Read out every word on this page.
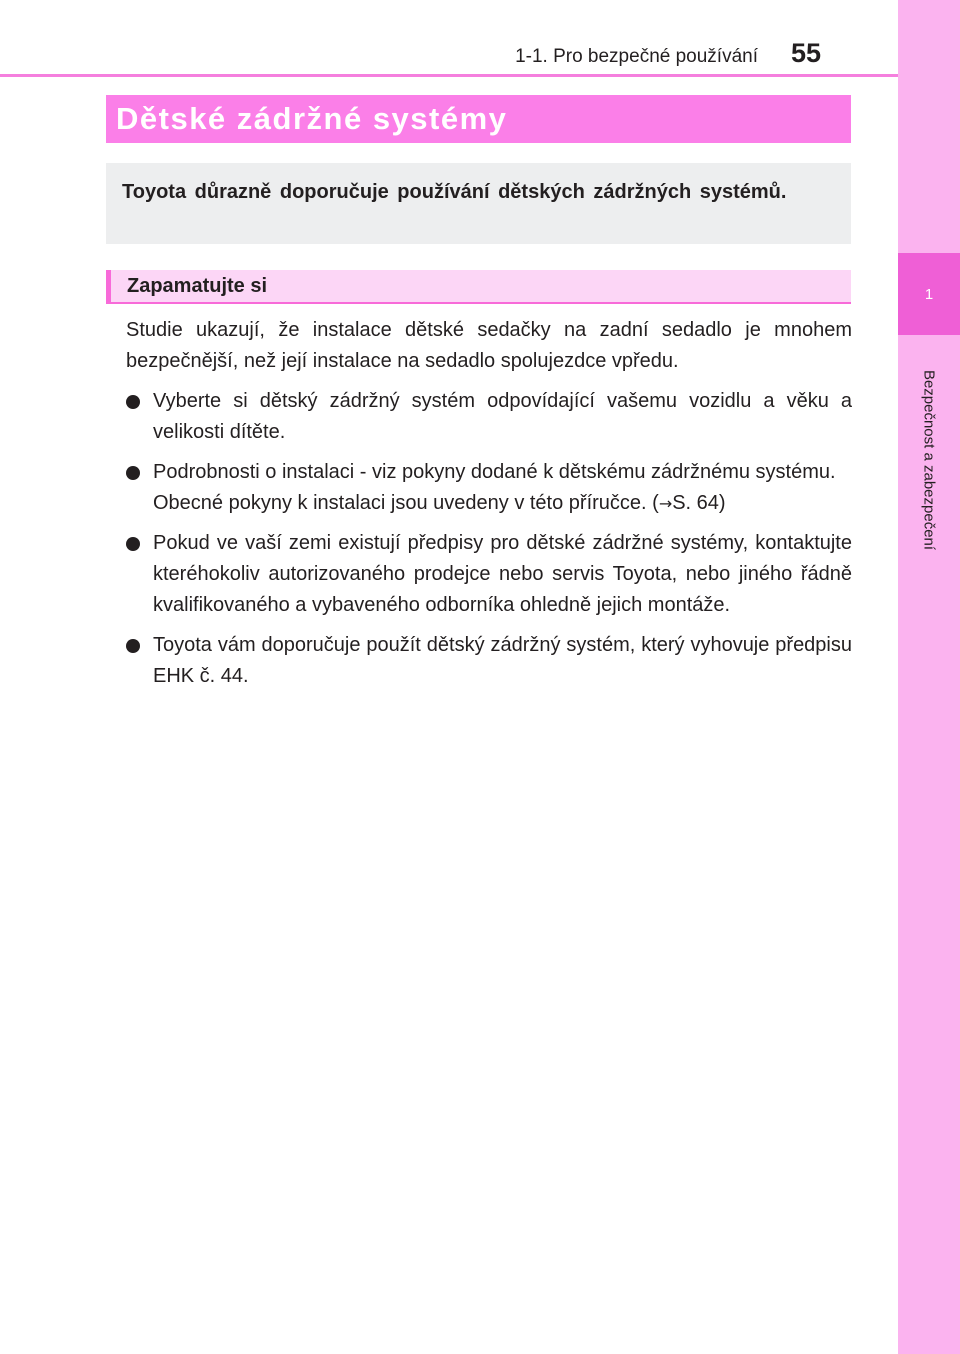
1
Bezpečnost a zabezpečení
1-1. Pro bezpečné používání 55
Dětské zádržné systémy
Toyota důrazně doporučuje používání dětských zádržných systémů.
Zapamatujte si

Studie ukazují, že instalace dětské sedačky na zadní sedadlo je mnohem bezpečnější, než její instalace na sedadlo spolujezdce vpředu.

Vyberte si dětský zádržný systém odpovídající vašemu vozidlu a věku a velikosti dítěte.
Podrobnosti o instalaci - viz pokyny dodané k dětskému zádržnému systému.
Obecné pokyny k instalaci jsou uvedeny v této příručce. (→S. 64)
Pokud ve vaší zemi existují předpisy pro dětské zádržné systémy, kontaktujte kteréhokoliv autorizovaného prodejce nebo servis Toyota, nebo jiného řádně kvalifikovaného a vybaveného odborníka ohledně jejich montáže.
Toyota vám doporučuje použít dětský zádržný systém, který vyhovuje předpisu EHK č. 44.
